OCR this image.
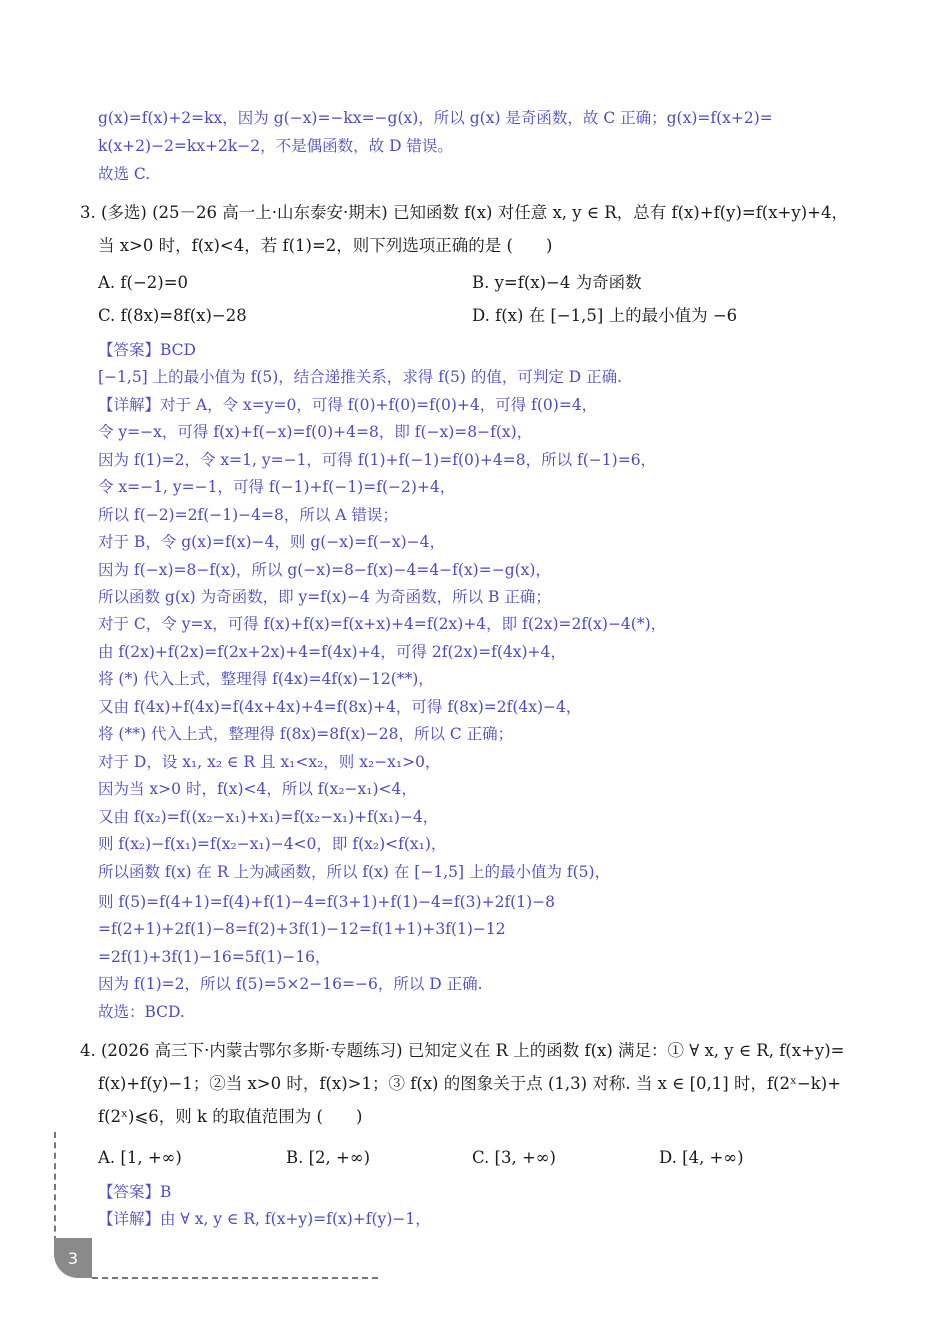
g(x)=f(x)+2=kx，因为 g(−x)=−kx=−g(x)，所以 g(x) 是奇函数，故 C 正确；g(x)=f(x+2)=
k(x+2)−2=kx+2k−2，不是偶函数，故 D 错误。
故选 C.
3. (多选) (25－26 高一上·山东泰安·期末) 已知函数 f(x) 对任意 x, y ∈ R，总有 f(x)+f(y)=f(x+y)+4，
当 x>0 时，f(x)<4，若 f(1)=2，则下列选项正确的是 (　　)
A. f(−2)=0	B. y=f(x)−4 为奇函数
C. f(8x)=8f(x)−28	D. f(x) 在 [−1,5] 上的最小值为 −6
【答案】BCD
[−1,5] 上的最小值为 f(5)，结合递推关系，求得 f(5) 的值，可判定 D 正确.
【详解】对于 A，令 x=y=0，可得 f(0)+f(0)=f(0)+4，可得 f(0)=4，
令 y=−x，可得 f(x)+f(−x)=f(0)+4=8，即 f(−x)=8−f(x)，
因为 f(1)=2，令 x=1, y=−1，可得 f(1)+f(−1)=f(0)+4=8，所以 f(−1)=6，
令 x=−1, y=−1，可得 f(−1)+f(−1)=f(−2)+4，
所以 f(−2)=2f(−1)−4=8，所以 A 错误；
对于 B，令 g(x)=f(x)−4，则 g(−x)=f(−x)−4，
因为 f(−x)=8−f(x)，所以 g(−x)=8−f(x)−4=4−f(x)=−g(x)，
所以函数 g(x) 为奇函数，即 y=f(x)−4 为奇函数，所以 B 正确；
对于 C，令 y=x，可得 f(x)+f(x)=f(x+x)+4=f(2x)+4，即 f(2x)=2f(x)−4(*)，
由 f(2x)+f(2x)=f(2x+2x)+4=f(4x)+4，可得 2f(2x)=f(4x)+4，
将 (*) 代入上式，整理得 f(4x)=4f(x)−12(**)，
又由 f(4x)+f(4x)=f(4x+4x)+4=f(8x)+4，可得 f(8x)=2f(4x)−4，
将 (**) 代入上式，整理得 f(8x)=8f(x)−28，所以 C 正确；
对于 D，设 x₁, x₂ ∈ R 且 x₁<x₂，则 x₂−x₁>0，
因为当 x>0 时，f(x)<4，所以 f(x₂−x₁)<4，
又由 f(x₂)=f((x₂−x₁)+x₁)=f(x₂−x₁)+f(x₁)−4，
则 f(x₂)−f(x₁)=f(x₂−x₁)−4<0，即 f(x₂)<f(x₁)，
所以函数 f(x) 在 R 上为减函数，所以 f(x) 在 [−1,5] 上的最小值为 f(5)，
则 f(5)=f(4+1)=f(4)+f(1)−4=f(3+1)+f(1)−4=f(3)+2f(1)−8
=f(2+1)+2f(1)−8=f(2)+3f(1)−12=f(1+1)+3f(1)−12
=2f(1)+3f(1)−16=5f(1)−16，
因为 f(1)=2，所以 f(5)=5×2−16=−6，所以 D 正确.
故选：BCD.
4. (2026 高三下·内蒙古鄂尔多斯·专题练习) 已知定义在 R 上的函数 f(x) 满足：① ∀ x, y ∈ R, f(x+y)=
f(x)+f(y)−1；②当 x>0 时，f(x)>1；③ f(x) 的图象关于点 (1,3) 对称. 当 x ∈ [0,1] 时，f(2ˣ−k)+
f(2ˣ)⩽6，则 k 的取值范围为 (　　)
A. [1, +∞)	B. [2, +∞)	C. [3, +∞)	D. [4, +∞)
【答案】B
【详解】由 ∀ x, y ∈ R, f(x+y)=f(x)+f(y)−1，
3
